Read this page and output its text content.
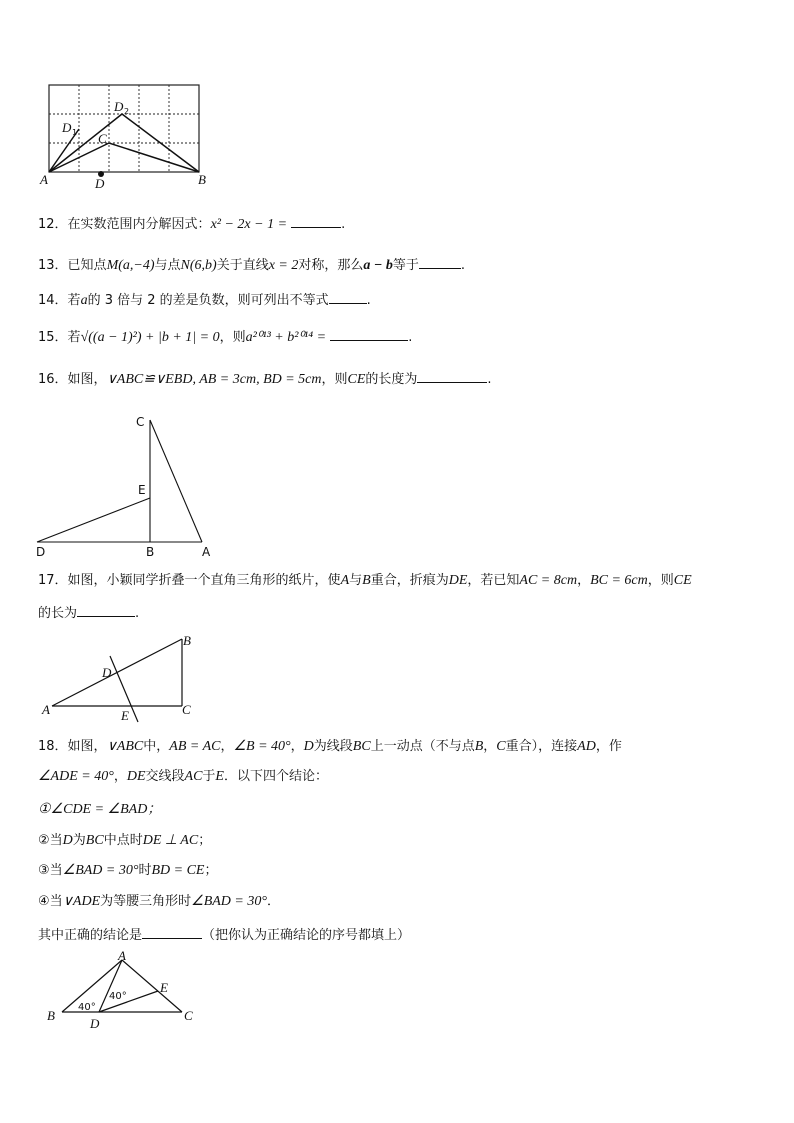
D 2
D 1 C
A	D	B
12．在实数范围内分解因式：x² − 2x − 1 =	.
13．已知点M(a,−4)与点N(6,b)关于直线x = 2对称，那么a − b等于	.
14．若a的 3 倍与 2 的差是负数，则可列出不等式	.
15．若√((a − 1)²) + |b + 1| = 0，则a²⁰¹³ + b²⁰¹⁴ =	.
16．如图，∨ABC≌∨EBD, AB = 3cm, BD = 5cm，则CE的长度为	.
C
E
D	B	A
17．如图，小颖同学折叠一个直角三角形的纸片，使A与B重合，折痕为DE，若已知AC = 8cm，BC = 6cm，则CE
的长为	.
B
D
A	E	C
18．如图，∨ABC中，AB = AC，∠B = 40°，D为线段BC上一动点（不与点B，C重合），连接AD，作
∠ADE = 40°，DE交线段AC于E．以下四个结论：
①∠CDE = ∠BAD；
②当D为BC中点时DE ⊥ AC；
③当∠BAD = 30°时BD = CE；
④当∨ADE为等腰三角形时∠BAD = 30°．
其中正确的结论是	（把你认为正确结论的序号都填上）
A
E
40°
40°
B
D
C
